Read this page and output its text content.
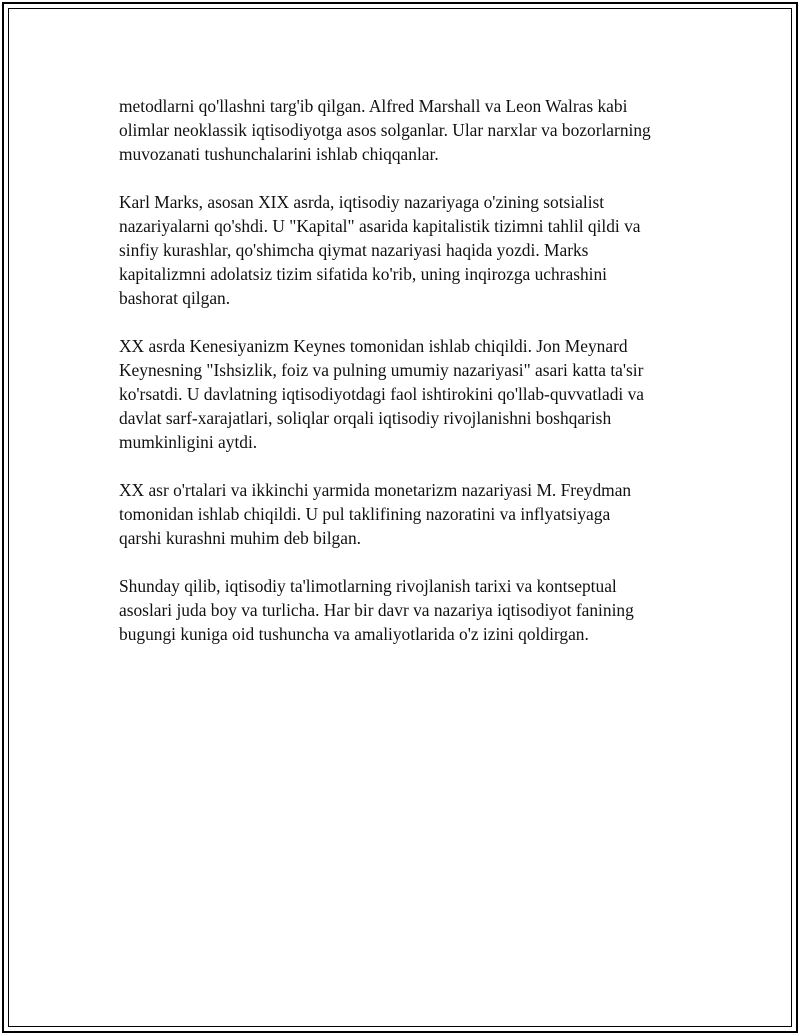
metodlarni qo'llashni targ'ib qilgan. Alfred Marshall va Leon Walras kabi
olimlar neoklassik iqtisodiyotga asos solganlar. Ular narxlar va bozorlarning
muvozanati tushunchalarini ishlab chiqqanlar.

Karl Marks, asosan XIX asrda, iqtisodiy nazariyaga o'zining sotsialist
nazariyalarni qo'shdi. U "Kapital" asarida kapitalistik tizimni tahlil qildi va
sinfiy kurashlar, qo'shimcha qiymat nazariyasi haqida yozdi. Marks
kapitalizmni adolatsiz tizim sifatida ko'rib, uning inqirozga uchrashini
bashorat qilgan.

XX asrda Kenesiyanizm Keynes tomonidan ishlab chiqildi. Jon Meynard
Keynesning "Ishsizlik, foiz va pulning umumiy nazariyasi" asari katta ta'sir
ko'rsatdi. U davlatning iqtisodiyotdagi faol ishtirokini qo'llab-quvvatladi va
davlat sarf-xarajatlari, soliqlar orqali iqtisodiy rivojlanishni boshqarish
mumkinligini aytdi.

XX asr o'rtalari va ikkinchi yarmida monetarizm nazariyasi M. Freydman
tomonidan ishlab chiqildi. U pul taklifining nazoratini va inflyatsiyaga
qarshi kurashni muhim deb bilgan.

Shunday qilib, iqtisodiy ta'limotlarning rivojlanish tarixi va kontseptual
asoslari juda boy va turlicha. Har bir davr va nazariya iqtisodiyot fanining
bugungi kuniga oid tushuncha va amaliyotlarida o'z izini qoldirgan.
